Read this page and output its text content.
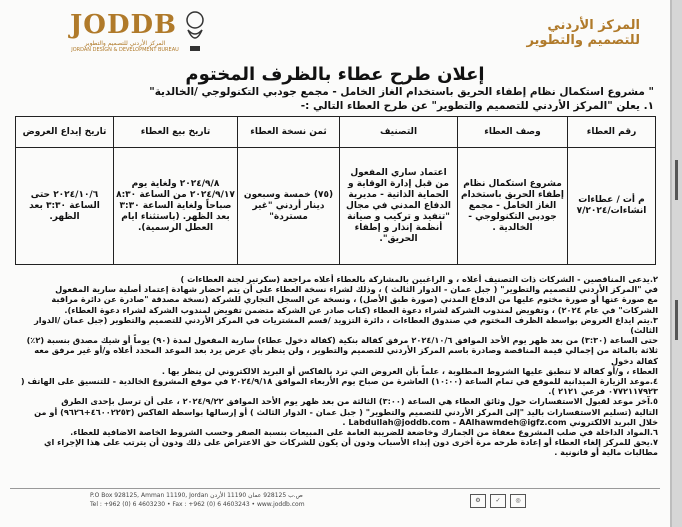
JODDB
المركز الأردني للتصميم والتطوير
JORDAN DESIGN & DEVELOPMENT BUREAU
المركز الأردني
للتصميم والتطوير
إعلان طرح عطاء بالظرف المختوم
" مشروع استكمال نظام إطفاء الحريق باستخدام الغاز الخامل - مجمع جودبي التكنولوجي /الخالدية"
١. يعلن "المركز الأردني للتصميم والتطوير" عن طرح العطاء التالي :-
رقم العطاء	وصف العطاء	التصنيف	ثمن نسخة العطاء	تاريخ بيع العطاء	تاريخ إيداع العروض
م أت / عطاءات انشاءات/٧/٢٠٢٤	مشروع استكمال نظام إطفاء الحريق باستخدام الغاز الخامل - مجمع جودبي التكنولوجي - الخالدية .	اعتماد ساري المفعول من قبل إدارة الوقاية و الحماية الذاتية - مديرية الدفاع المدني في مجال "تنفيذ و تركيب و صيانة أنظمة إنذار و إطفاء الحريق".	(٧٥) خمسة وسبعون دينار أردني "غير مستردة"	٢٠٢٤/٩/٨ ولغاية يوم ٢٠٢٤/٩/١٧ من الساعة ٨:٣٠ صباحاً ولغاية الساعة ٣:٣٠ بعد الظهر. (باستثناء ايام العطل الرسمية).	٢٠٢٤/١٠/٦ حتى الساعة ٣:٣٠ بعد الظهر.

٢.يدعى المناقصين - الشركات ذات التصنيف أعلاه ، و الراغبين بالمشاركة بالعطاء أعلاه مراجعة (سكرتير لجنة العطاءات )

في "المركز الأردني للتصميم والتطوير" ( جبل عمان - الدوار الثالث ) ، وذلك لشراء نسخة العطاء على أن يتم احضار شهادة إعتماد أصلية سارية المفعول

مع صورة عنها أو صورة مختوم عليها من الدفاع المدني (صورة طبق الأصل) ، ونسخة عن السجل التجاري للشركة (نسخة مصدقة "صادرة عن دائرة مراقبة

الشركات" في عام ٢٠٢٤) ، وتفويض لمندوب الشركة لشراء دعوة العطاء (كتاب صادر عن الشركة متضمن تفويض لمندوب الشركة لشراء دعوة العطاء).

٣.يتم ايداع العروض بواسطة الظرف المختوم في صندوق العطاءات ، دائرة التزويد /قسم المشتريات في المركز الأردني للتصميم والتطوير (جبل عمان /الدوار الثالث)

حتى الساعة (٣:٣٠) من بعد ظهر يوم الأحد الموافق ٢٠٢٤/١٠/٦ مرفق كفالة بنكية (كفالة دخول عطاء) سارية المفعول لمدة (٩٠) يوماً أو شيك مصدق بنسبة (٢٪)

ثلاثة بالمائة من إجمالي قيمة المناقصة وصادرة باسم المركز الأردني للتصميم والتطوير ، ولن ينظر بأي عرض يرد بعد الموعد المحدد أعلاه و/أو غير مرفق معه كفالة دخول

العطاء ، و/أو كفالة لا تنطبق عليها الشروط المطلوبة ، علماً بأن العروض التي ترد بالفاكس أو البريد الالكتروني لن ينظر بها .

٤.موعد الزيارة الميدانية للموقع في تمام الساعة (١٠:٠٠) العاشرة من صباح يوم الأربعاء الموافق ٢٠٢٤/٩/١٨ في موقع المشروع الخالدية - للتنسيق على الهاتف (

٠٧٧٢١١٧٩٢٣ فرعي ٢١٢١ ).

٥.آخر موعد لقبول الاستفسارات حول وثائق العطاء هي الساعة (٣:٠٠) الثالثة من بعد ظهر يوم الأحد الموافق ٢٠٢٤/٩/٢٢ ، على أن ترسل بإحدى الطرق

التالية (تسليم الاستفسارات باليد "إلى المركز الأردني للتصميم والتطوير" ( جبل عمان - الدوار الثالث ) أو إرسالها بواسطة الفاكس (٤٦٠٠٢٢٥٣+٩٦٢٦) أو من

خلال البريد الالكتروني Labdullah@joddb.com - AAlhawmdeh@igfz.com .

٦.المواد الداخلة في صلب المشروع معفاة من الجمارك وخاضعة للضريبة العامة على المبيعات بنسبة الصفر وحسب الشروط الخاصة الاضافية للعطاء.

٧.يحق للمركز إلغاء العطاء أو إعادة طرحه مرة أخرى دون إبداء الأسباب ودون أن يكون للشركات حق الاعتراض على ذلك ودون أن يترتب على هذا الإجراء اي

مطالبات مالية أو قانونية .

P.O Box 928125, Amman 11190, Jordan ص.ب 928125 عمان 11190 الأردن
Tel : +962 (0) 6 4603230 • Fax : +962 (0) 6 4603243 • www.joddb.com
⚙	✓	◎
